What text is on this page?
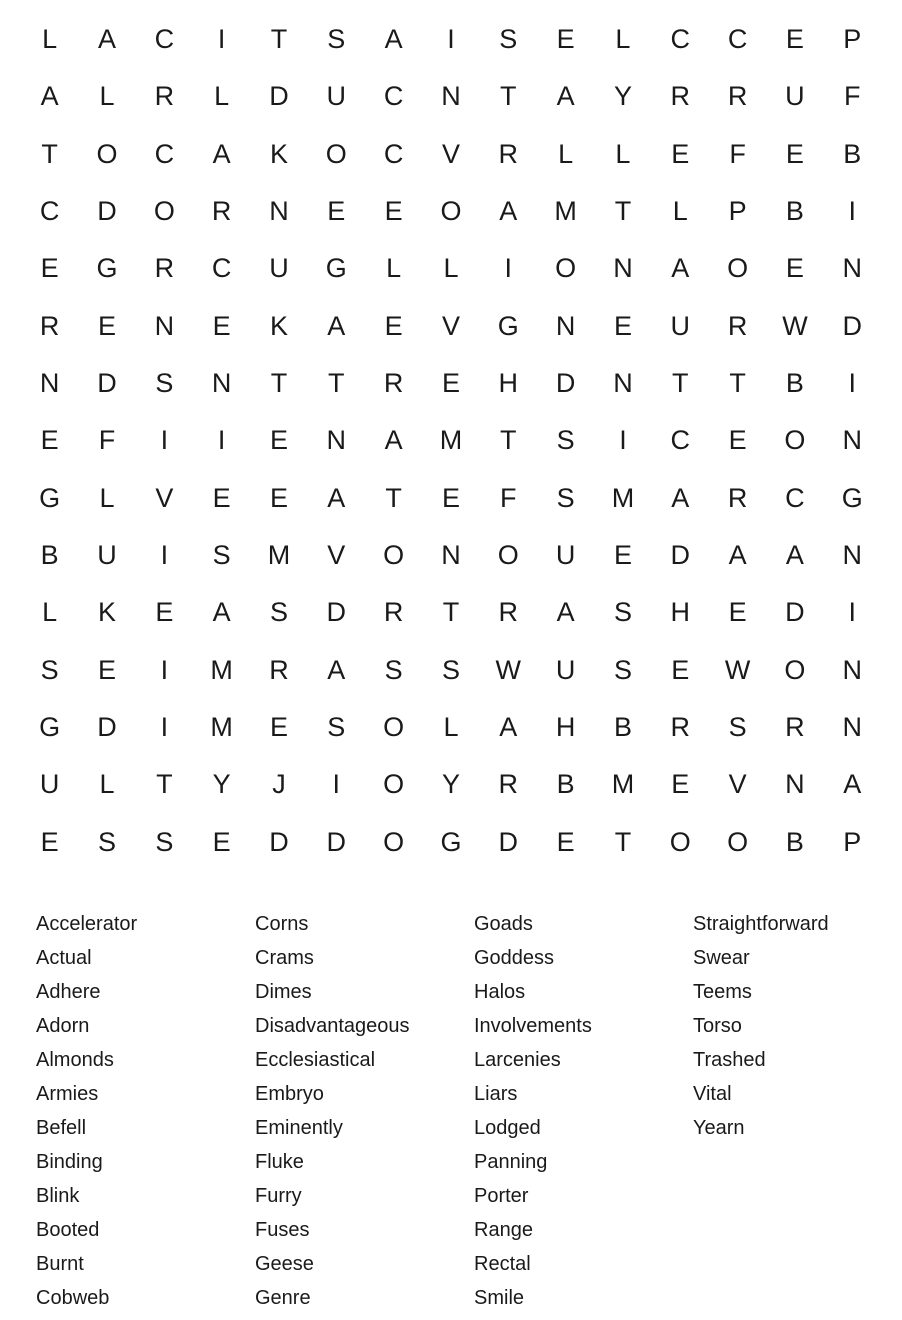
L	A	C	I	T	S	A	I	S	E	L	C	C	E	P
A	L	R	L	D	U	C	N	T	A	Y	R	R	U	F
T	O	C	A	K	O	C	V	R	L	L	E	F	E	B
C	D	O	R	N	E	E	O	A	M	T	L	P	B	I
E	G	R	C	U	G	L	L	I	O	N	A	O	E	N
R	E	N	E	K	A	E	V	G	N	E	U	R	W	D
N	D	S	N	T	T	R	E	H	D	N	T	T	B	I
E	F	I	I	E	N	A	M	T	S	I	C	E	O	N
G	L	V	E	E	A	T	E	F	S	M	A	R	C	G
B	U	I	S	M	V	O	N	O	U	E	D	A	A	N
L	K	E	A	S	D	R	T	R	A	S	H	E	D	I
S	E	I	M	R	A	S	S	W	U	S	E	W	O	N
G	D	I	M	E	S	O	L	A	H	B	R	S	R	N
U	L	T	Y	J	I	O	Y	R	B	M	E	V	N	A
E	S	S	E	D	D	O	G	D	E	T	O	O	B	P
Accelerator
Actual
Adhere
Adorn
Almonds
Armies
Befell
Binding
Blink
Booted
Burnt
Cobweb
Corns
Crams
Dimes
Disadvantageous
Ecclesiastical
Embryo
Eminently
Fluke
Furry
Fuses
Geese
Genre
Goads
Goddess
Halos
Involvements
Larcenies
Liars
Lodged
Panning
Porter
Range
Rectal
Smile
Straightforward
Swear
Teems
Torso
Trashed
Vital
Yearn
